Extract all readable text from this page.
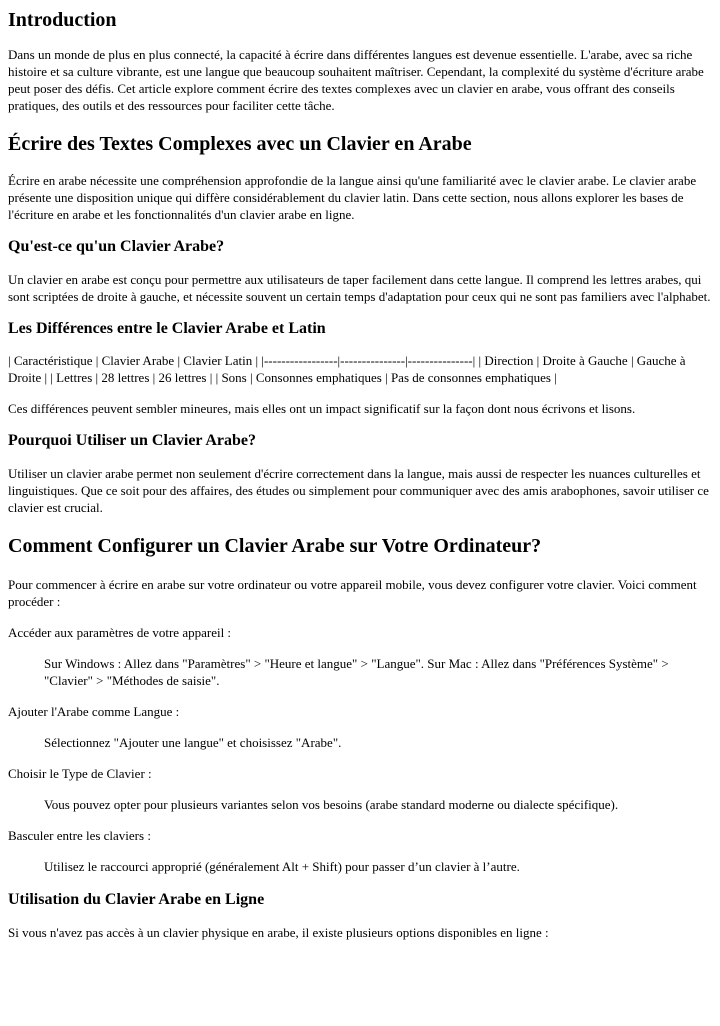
Introduction

Dans un monde de plus en plus connecté, la capacité à écrire dans différentes langues est devenue essentielle. L'arabe, avec sa riche histoire et sa culture vibrante, est une langue que beaucoup souhaitent maîtriser. Cependant, la complexité du système d'écriture arabe peut poser des défis. Cet article explore comment écrire des textes complexes avec un clavier en arabe, vous offrant des conseils pratiques, des outils et des ressources pour faciliter cette tâche.

Écrire des Textes Complexes avec un Clavier en Arabe

Écrire en arabe nécessite une compréhension approfondie de la langue ainsi qu'une familiarité avec le clavier arabe. Le clavier arabe présente une disposition unique qui diffère considérablement du clavier latin. Dans cette section, nous allons explorer les bases de l'écriture en arabe et les fonctionnalités d'un clavier arabe en ligne.

Qu'est-ce qu'un Clavier Arabe?

Un clavier en arabe est conçu pour permettre aux utilisateurs de taper facilement dans cette langue. Il comprend les lettres arabes, qui sont scriptées de droite à gauche, et nécessite souvent un certain temps d'adaptation pour ceux qui ne sont pas familiers avec l'alphabet.

Les Différences entre le Clavier Arabe et Latin

| Caractéristique | Clavier Arabe | Clavier Latin | |-----------------|---------------|---------------| | Direction | Droite à Gauche | Gauche à Droite | | Lettres | 28 lettres | 26 lettres | | Sons | Consonnes emphatiques | Pas de consonnes emphatiques |

Ces différences peuvent sembler mineures, mais elles ont un impact significatif sur la façon dont nous écrivons et lisons.

Pourquoi Utiliser un Clavier Arabe?

Utiliser un clavier arabe permet non seulement d'écrire correctement dans la langue, mais aussi de respecter les nuances culturelles et linguistiques. Que ce soit pour des affaires, des études ou simplement pour communiquer avec des amis arabophones, savoir utiliser ce clavier est crucial.

Comment Configurer un Clavier Arabe sur Votre Ordinateur?

Pour commencer à écrire en arabe sur votre ordinateur ou votre appareil mobile, vous devez configurer votre clavier. Voici comment procéder :

Accéder aux paramètres de votre appareil :

Sur Windows : Allez dans "Paramètres" > "Heure et langue" > "Langue". Sur Mac : Allez dans "Préférences Système" > "Clavier" > "Méthodes de saisie".

Ajouter l'Arabe comme Langue :

Sélectionnez "Ajouter une langue" et choisissez "Arabe".

Choisir le Type de Clavier :

Vous pouvez opter pour plusieurs variantes selon vos besoins (arabe standard moderne ou dialecte spécifique).

Basculer entre les claviers :

Utilisez le raccourci approprié (généralement Alt + Shift) pour passer d’un clavier à l’autre.

Utilisation du Clavier Arabe en Ligne

Si vous n'avez pas accès à un clavier physique en arabe, il existe plusieurs options disponibles en ligne :
